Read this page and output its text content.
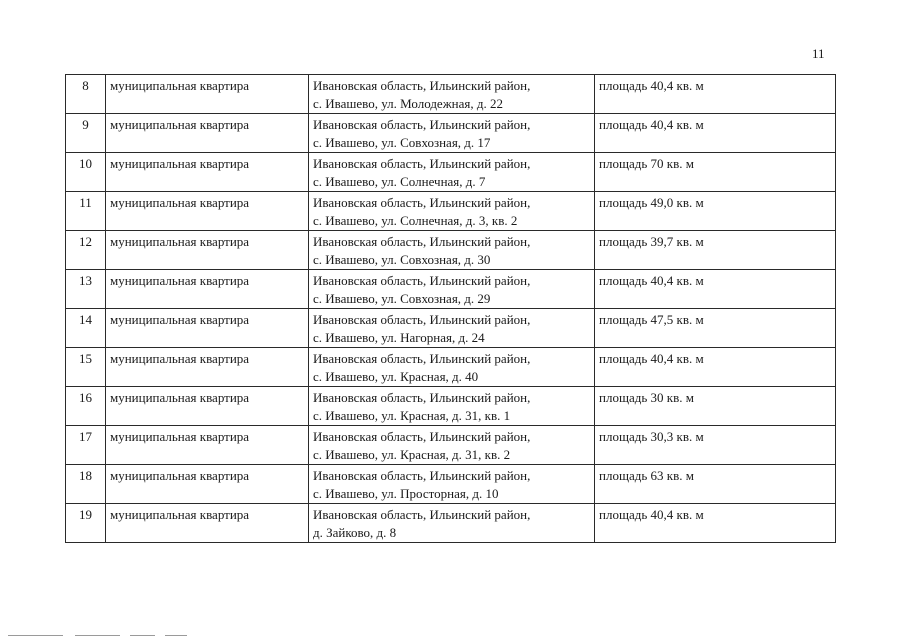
11
8	муниципальная квартира	Ивановская область, Ильинский район,
с. Ивашево, ул. Молодежная, д. 22	площадь 40,4 кв. м
9	муниципальная квартира	Ивановская область, Ильинский район,
с. Ивашево, ул. Совхозная, д. 17	площадь 40,4 кв. м
10	муниципальная квартира	Ивановская область, Ильинский район,
с. Ивашево, ул. Солнечная, д. 7	площадь 70 кв. м
11	муниципальная квартира	Ивановская область, Ильинский район,
с. Ивашево, ул. Солнечная, д. 3, кв. 2	площадь 49,0 кв. м
12	муниципальная квартира	Ивановская область, Ильинский район,
с. Ивашево, ул. Совхозная, д. 30	площадь 39,7 кв. м
13	муниципальная квартира	Ивановская область, Ильинский район,
с. Ивашево, ул. Совхозная, д. 29	площадь 40,4 кв. м
14	муниципальная квартира	Ивановская область, Ильинский район,
с. Ивашево, ул. Нагорная, д. 24	площадь 47,5 кв. м
15	муниципальная квартира	Ивановская область, Ильинский район,
с. Ивашево, ул. Красная, д. 40	площадь 40,4 кв. м
16	муниципальная квартира	Ивановская область, Ильинский район,
с. Ивашево, ул. Красная, д. 31, кв. 1	площадь 30 кв. м
17	муниципальная квартира	Ивановская область, Ильинский район,
с. Ивашево, ул. Красная, д. 31, кв. 2	площадь 30,3 кв. м
18	муниципальная квартира	Ивановская область, Ильинский район,
с. Ивашево, ул. Просторная, д. 10	площадь 63 кв. м
19	муниципальная квартира	Ивановская область, Ильинский район,
д. Зайково, д. 8	площадь 40,4 кв. м
